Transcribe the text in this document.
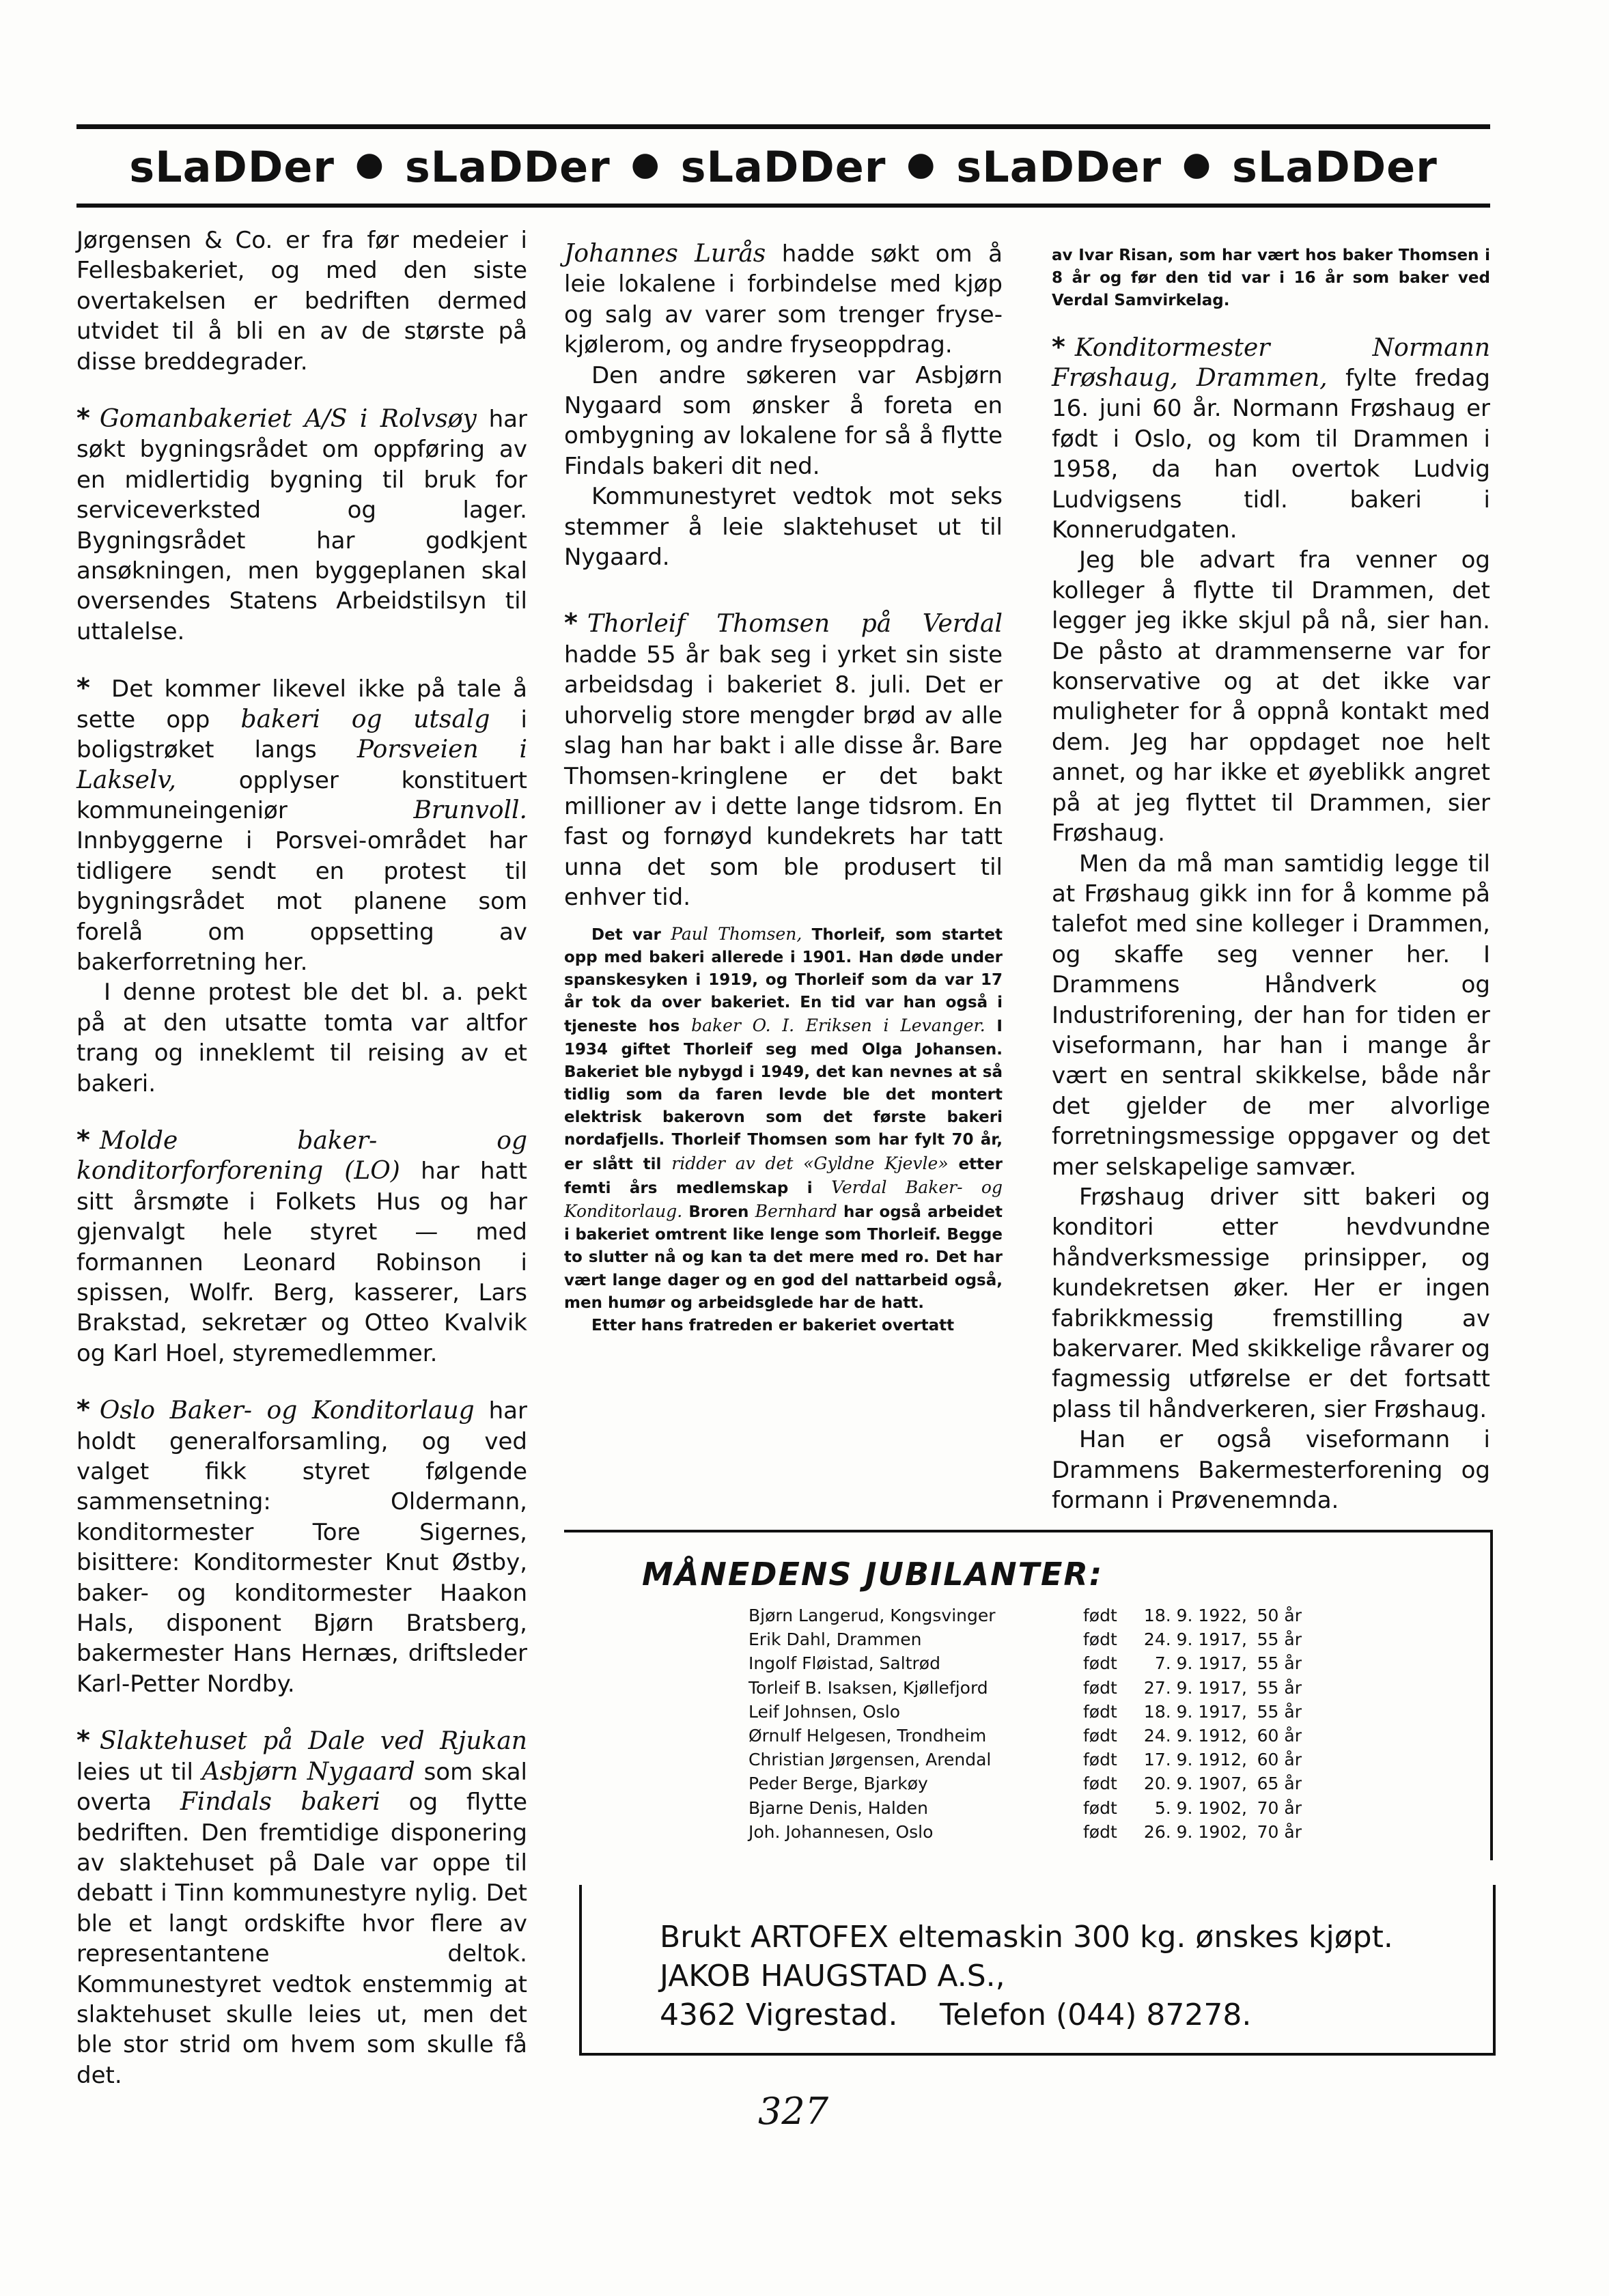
sLaDDer ● sLaDDer ● sLaDDer ● sLaDDer ● sLaDDer

Jørgensen & Co. er fra før medeier i Fellesbakeriet, og med den siste overtakelsen er bedriften dermed utvidet til å bli en av de største på disse breddegrader.

* Gomanbakeriet A/S i Rolvsøy har søkt bygningsrådet om oppføring av en midlertidig bygning til bruk for serviceverksted og lager. Bygningsrådet har godkjent ansøkningen, men byggeplanen skal oversendes Statens Arbeidstilsyn til uttalelse.

* Det kommer likevel ikke på tale å sette opp bakeri og utsalg i boligstrøket langs Porsveien i Lakselv, opplyser konstituert kommuneingeniør Brunvoll. Innbyggerne i Porsvei-området har tidligere sendt en protest til bygningsrådet mot planene som forelå om oppsetting av bakerforretning her.

I denne protest ble det bl. a. pekt på at den utsatte tomta var altfor trang og inneklemt til reising av et bakeri.

* Molde baker- og konditorforforening (LO) har hatt sitt årsmøte i Folkets Hus og har gjenvalgt hele styret — med formannen Leonard Robinson i spissen, Wolfr. Berg, kasserer, Lars Brakstad, sekretær og Otteo Kvalvik og Karl Hoel, styremedlemmer.

* Oslo Baker- og Konditorlaug har holdt generalforsamling, og ved valget fikk styret følgende sammensetning: Oldermann, konditormester Tore Sigernes, bisittere: Konditormester Knut Østby, baker- og konditormester Haakon Hals, disponent Bjørn Bratsberg, bakermester Hans Hernæs, driftsleder Karl-Petter Nordby.

* Slaktehuset på Dale ved Rjukan leies ut til Asbjørn Nygaard som skal overta Findals bakeri og flytte bedriften. Den fremtidige disponering av slaktehuset på Dale var oppe til debatt i Tinn kommunestyre nylig. Det ble et langt ordskifte hvor flere av representantene deltok. Kommunestyret vedtok enstemmig at slaktehuset skulle leies ut, men det ble stor strid om hvem som skulle få det.

Johannes Lurås hadde søkt om å leie lokalene i forbindelse med kjøp og salg av varer som trenger fryse-kjølerom, og andre fryseoppdrag.

Den andre søkeren var Asbjørn Nygaard som ønsker å foreta en ombygning av lokalene for så å flytte Findals bakeri dit ned.

Kommunestyret vedtok mot seks stemmer å leie slaktehuset ut til Nygaard.

* Thorleif Thomsen på Verdal hadde 55 år bak seg i yrket sin siste arbeidsdag i bakeriet 8. juli. Det er uhorvelig store mengder brød av alle slag han har bakt i alle disse år. Bare Thomsen-kringlene er det bakt millioner av i dette lange tidsrom. En fast og fornøyd kundekrets har tatt unna det som ble produsert til enhver tid.

Det var Paul Thomsen, Thorleif, som startet opp med bakeri allerede i 1901. Han døde under spanskesyken i 1919, og Thorleif som da var 17 år tok da over bakeriet. En tid var han også i tjeneste hos baker O. I. Eriksen i Levanger. I 1934 giftet Thorleif seg med Olga Johansen. Bakeriet ble nybygd i 1949, det kan nevnes at så tidlig som da faren levde ble det montert elektrisk bakerovn som det første bakeri nordafjells. Thorleif Thomsen som har fylt 70 år, er slått til ridder av det «Gyldne Kjevle» etter femti års medlemskap i Verdal Baker- og Konditorlaug. Broren Bernhard har også arbeidet i bakeriet omtrent like lenge som Thorleif. Begge to slutter nå og kan ta det mere med ro. Det har vært lange dager og en god del nattarbeid også, men humør og arbeidsglede har de hatt.

Etter hans fratreden er bakeriet overtatt

av Ivar Risan, som har vært hos baker Thomsen i 8 år og før den tid var i 16 år som baker ved Verdal Samvirkelag.

* Konditormester Normann Frøshaug, Drammen, fylte fredag 16. juni 60 år. Normann Frøshaug er født i Oslo, og kom til Drammen i 1958, da han overtok Ludvig Ludvigsens tidl. bakeri i Konnerudgaten.

Jeg ble advart fra venner og kolleger å flytte til Drammen, det legger jeg ikke skjul på nå, sier han. De påsto at drammenserne var for konservative og at det ikke var muligheter for å oppnå kontakt med dem. Jeg har oppdaget noe helt annet, og har ikke et øyeblikk angret på at jeg flyttet til Drammen, sier Frøshaug.

Men da må man samtidig legge til at Frøshaug gikk inn for å komme på talefot med sine kolleger i Drammen, og skaffe seg venner her. I Drammens Håndverk og Industriforening, der han for tiden er viseformann, har han i mange år vært en sentral skikkelse, både når det gjelder de mer alvorlige forretningsmessige oppgaver og det mer selskapelige samvær.

Frøshaug driver sitt bakeri og konditori etter hevdvundne håndverksmessige prinsipper, og kundekretsen øker. Her er ingen fabrikkmessig fremstilling av bakervarer. Med skikkelige råvarer og fagmessig utførelse er det fortsatt plass til håndverkeren, sier Frøshaug.

Han er også viseformann i Drammens Bakermesterforening og formann i Prøvenemnda.

MÅNEDENS JUBILANTER:
Bjørn Langerud, Kongsvinger	født	18. 9. 1922, 50 år
Erik Dahl, Drammen	født	24. 9. 1917, 55 år
Ingolf Fløistad, Saltrød	født	7. 9. 1917, 55 år
Torleif B. Isaksen, Kjøllefjord	født	27. 9. 1917, 55 år
Leif Johnsen, Oslo	født	18. 9. 1917, 55 år
Ørnulf Helgesen, Trondheim	født	24. 9. 1912, 60 år
Christian Jørgensen, Arendal	født	17. 9. 1912, 60 år
Peder Berge, Bjarkøy	født	20. 9. 1907, 65 år
Bjarne Denis, Halden	født	5. 9. 1902, 70 år
Joh. Johannesen, Oslo	født	26. 9. 1902, 70 år
Brukt ARTOFEX eltemaskin 300 kg. ønskes kjøpt.
JAKOB HAUGSTAD A.S.,
4362 Vigrestad.	Telefon (044) 87278.
327
